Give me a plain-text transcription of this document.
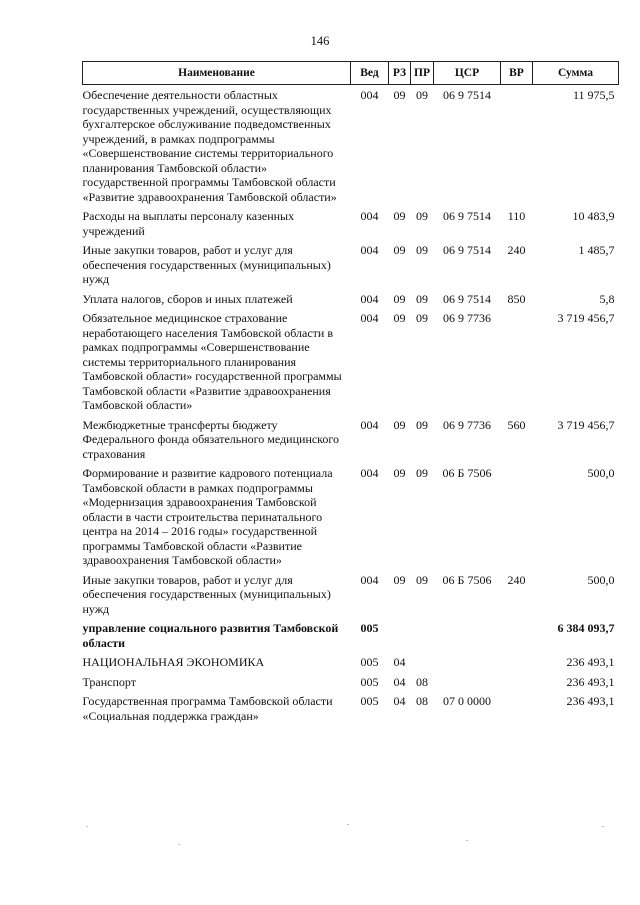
146
Наименование	Вед	РЗ	ПР	ЦСР	ВР	Сумма
Обеспечение деятельности областных государственных учреждений, осуществляющих бухгалтерское обслуживание подведомственных учреждений, в рамках подпрограммы «Совершенствование системы территориального планирования Тамбовской области» государственной программы Тамбовской области «Развитие здравоохранения Тамбовской области»	004	09	09	06 9 7514		11 975,5
Расходы на выплаты персоналу казенных учреждений	004	09	09	06 9 7514	110	10 483,9
Иные закупки товаров, работ и услуг для обеспечения государственных (муниципальных) нужд	004	09	09	06 9 7514	240	1 485,7
Уплата налогов, сборов и иных платежей	004	09	09	06 9 7514	850	5,8
Обязательное медицинское страхование неработающего населения Тамбовской области в рамках подпрограммы «Совершенствование системы территориального планирования Тамбовской области» государственной программы Тамбовской области «Развитие здравоохранения Тамбовской области»	004	09	09	06 9 7736		3 719 456,7
Межбюджетные трансферты бюджету Федерального фонда обязательного медицинского страхования	004	09	09	06 9 7736	560	3 719 456,7
Формирование и развитие кадрового потенциала Тамбовской области в рамках подпрограммы «Модернизация здравоохранения Тамбовской области в части строительства перинатального центра на 2014 – 2016 годы» государственной программы Тамбовской области «Развитие здравоохранения Тамбовской области»	004	09	09	06 Б 7506		500,0
Иные закупки товаров, работ и услуг для обеспечения государственных (муниципальных) нужд	004	09	09	06 Б 7506	240	500,0
управление социального развития Тамбовской области	005					6 384 093,7
НАЦИОНАЛЬНАЯ ЭКОНОМИКА	005	04				236 493,1
Транспорт	005	04	08			236 493,1
Государственная программа Тамбовской области «Социальная поддержка граждан»	005	04	08	07 0 0000		236 493,1
